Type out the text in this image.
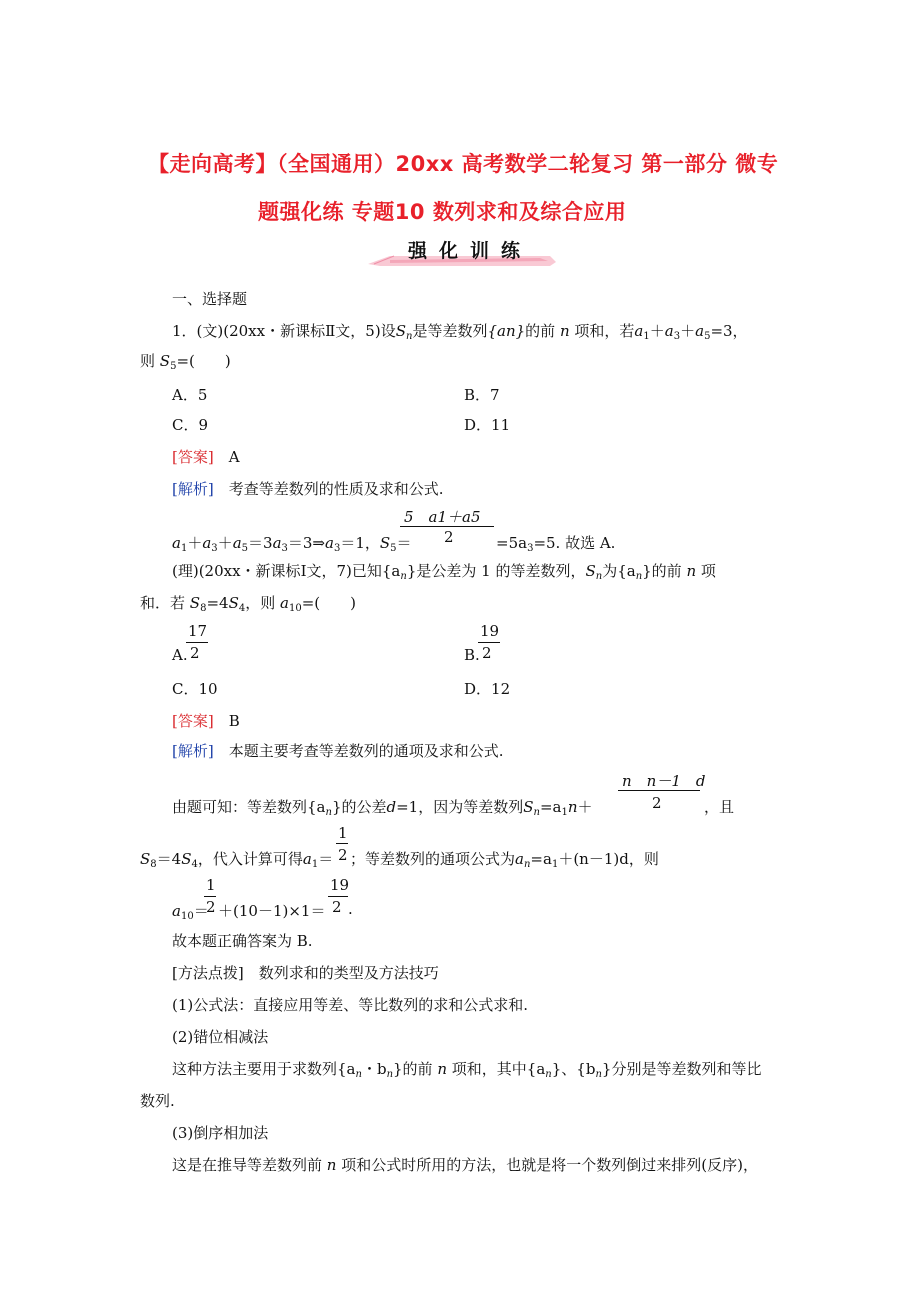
【走向高考】（全国通用）20xx 高考数学二轮复习 第一部分 微专
题强化练 专题10 数列求和及综合应用
强化训练
一、选择题
1．(文)(20xx・新课标Ⅱ文，5)设$S_n$是等差数列{an}的前 n 项和，若$a_1+a_3+a_5=3$，
则 $S_5=$(　　)
A．5	B．7
C．9	D．11
[答案]　 A
[解析]　 考查等差数列的性质及求和公式.
5　a1＋a5
2
$a_1+a_3+a_5=3a_3=3\Rightarrow a_3=1$，$S_5=$	$=5a_3=5$. 故选 A.
(理)(20xx・新课标Ⅰ文，7)已知$\{a_n\}$是公差为 1 的等差数列，$S_n$为$\{a_n\}$的前 n 项
和．若 $S_8=4S_4$，则 $a_{10}=$(　　)
17
A. 2
19
B. 2
C．10	D．12
[答案]　 B
[解析]　 本题主要考查等差数列的通项及求和公式.
n　n－1　d
2
由题可知：等差数列$\{a_n\}$的公差d=1，因为等差数列$S_n=a_1n+$	，且
1
2
$S_8=4S_4$，代入计算可得$a_1=$ ；等差数列的通项公式为$a_n=a_1+(n-1)d$，则
1
2
$a_{10}= +(10-1)\times 1=$
19
2 .
故本题正确答案为 B.
[方法点拨]　 数列求和的类型及方法技巧
(1)公式法：直接应用等差、等比数列的求和公式求和.
(2)错位相减法
这种方法主要用于求数列{$a_n$・$b_n$}的前 n 项和，其中$\{a_n\}$、$\{b_n\}$分别是等差数列和等比
数列.
(3)倒序相加法
这是在推导等差数列前 n 项和公式时所用的方法，也就是将一个数列倒过来排列(反序)，
